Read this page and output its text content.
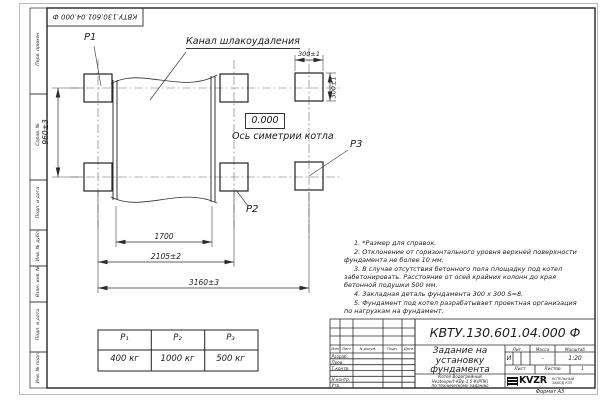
Перв. примен.
Справ. №
Подп. и дата
Инв. № дубл.
Взам. инв. №
Подп. и дата
Инв. № подл.
КВТУ.130.601.04.000 Ф
P1	Канал шлакоудаления
0.000
Ось симетрии котла
P2
P3
960±3
1700
2105±2
3160±3
300±1
300±1

1. *Размер для справок.

2. Отклонение от горизонтального уровня верхней поверхности фундамента не более 10 мм.

3. В случае отсутствия бетонного пола площадку под котел забетонировать. Расстояние от осей крайних колонн до края бетонной подушки 500 мм.

4. Закладная деталь фундамента 300 x 300 S=8.

5. Фундамент под котел разрабатывает проектная организация по нагрузкам на фундамент.

P₁	P₂	P₃
400 кг	1000 кг	500 кг
КВТУ.130.601.04.000 Ф
Изм Лист	N докум.	Подп.	Дата
Разраб.
Пров.
Т.контр.
Н.контр.
Утв.
Задание на
установку
фундамента
Котел Водогрейный
Heatexpert-КВр-1,5-К(РПК)
по техническому заданию
Лит.	Масса	Масштаб
И	-	1:20
Лист	Листов	1
KVZR КОТЕЛЬНЫЙ
ЗАВОД РЭП
Формат А3
